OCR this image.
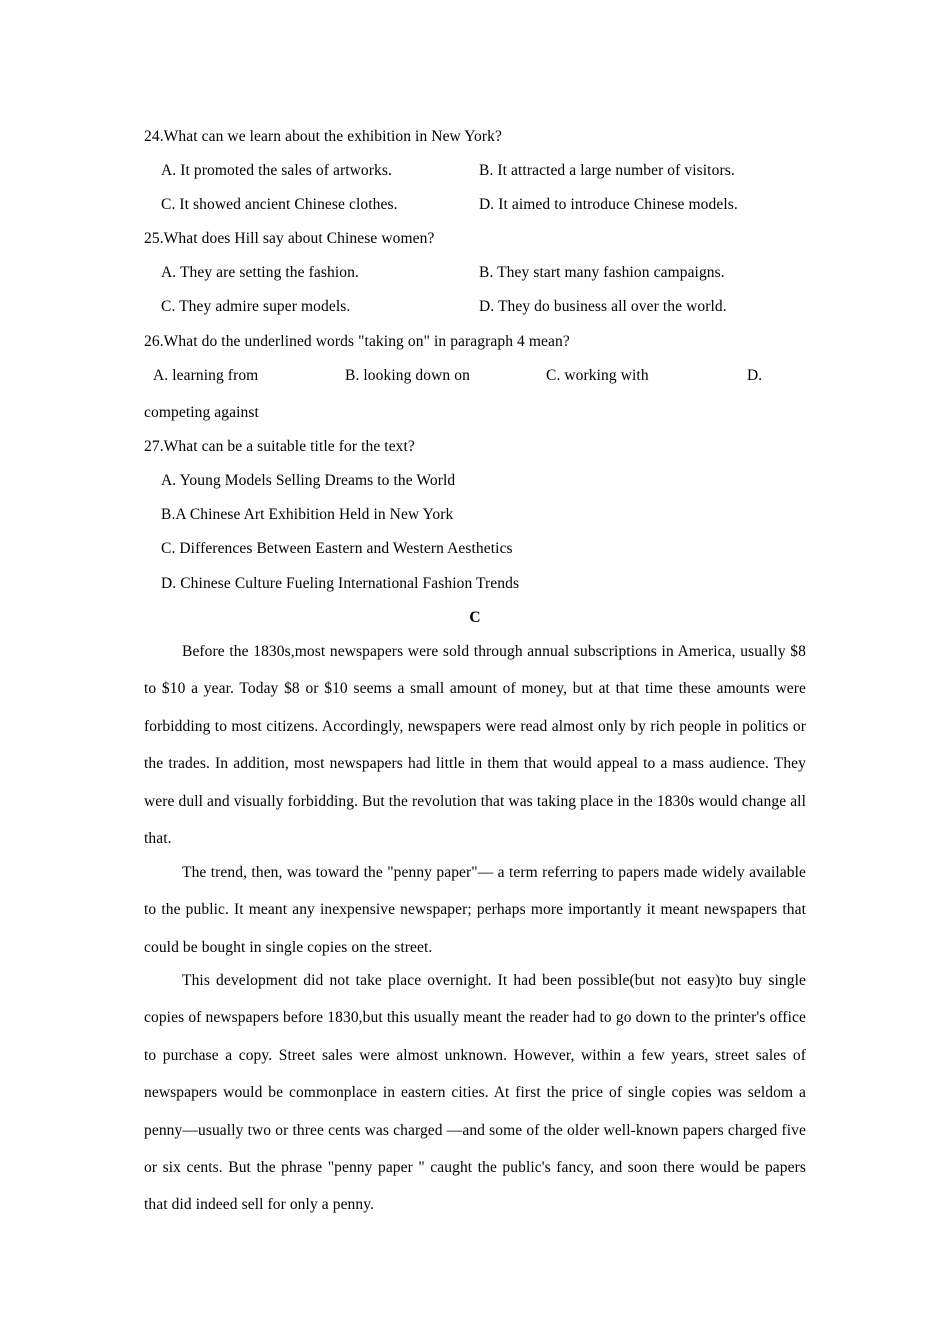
24.What can we learn about the exhibition in New York?
A. It promoted the sales of artworks.	B. It attracted a large number of visitors.
C. It showed ancient Chinese clothes.	D. It aimed to introduce Chinese models.
25.What does Hill say about Chinese women?
A. They are setting the fashion.	B. They start many fashion campaigns.
C. They admire super models.	D. They do business all over the world.
26.What do the underlined words "taking on" in paragraph 4 mean?
A. learning from	B. looking down on	C. working with	D.
competing against
27.What can be a suitable title for the text?
A. Young Models Selling Dreams to the World
B.A Chinese Art Exhibition Held in New York
C. Differences Between Eastern and Western Aesthetics
D. Chinese Culture Fueling International Fashion Trends
C
Before the 1830s,most newspapers were sold through annual subscriptions in America, usually $8 to $10 a year. Today $8 or $10 seems a small amount of money, but at that time these amounts were forbidding to most citizens. Accordingly, newspapers were read almost only by rich people in politics or the trades. In addition, most newspapers had little in them that would appeal to a mass audience. They were dull and visually forbidding. But the revolution that was taking place in the 1830s would change all that.
The trend, then, was toward the "penny paper"— a term referring to papers made widely available to the public. It meant any inexpensive newspaper; perhaps more importantly it meant newspapers that could be bought in single copies on the street.
This development did not take place overnight. It had been possible(but not easy)to buy single copies of newspapers before 1830,but this usually meant the reader had to go down to the printer's office to purchase a copy. Street sales were almost unknown. However, within a few years, street sales of newspapers would be commonplace in eastern cities. At first the price of single copies was seldom a penny—usually two or three cents was charged —and some of the older well-known papers charged five or six cents. But the phrase "penny paper " caught the public's fancy, and soon there would be papers that did indeed sell for only a penny.
